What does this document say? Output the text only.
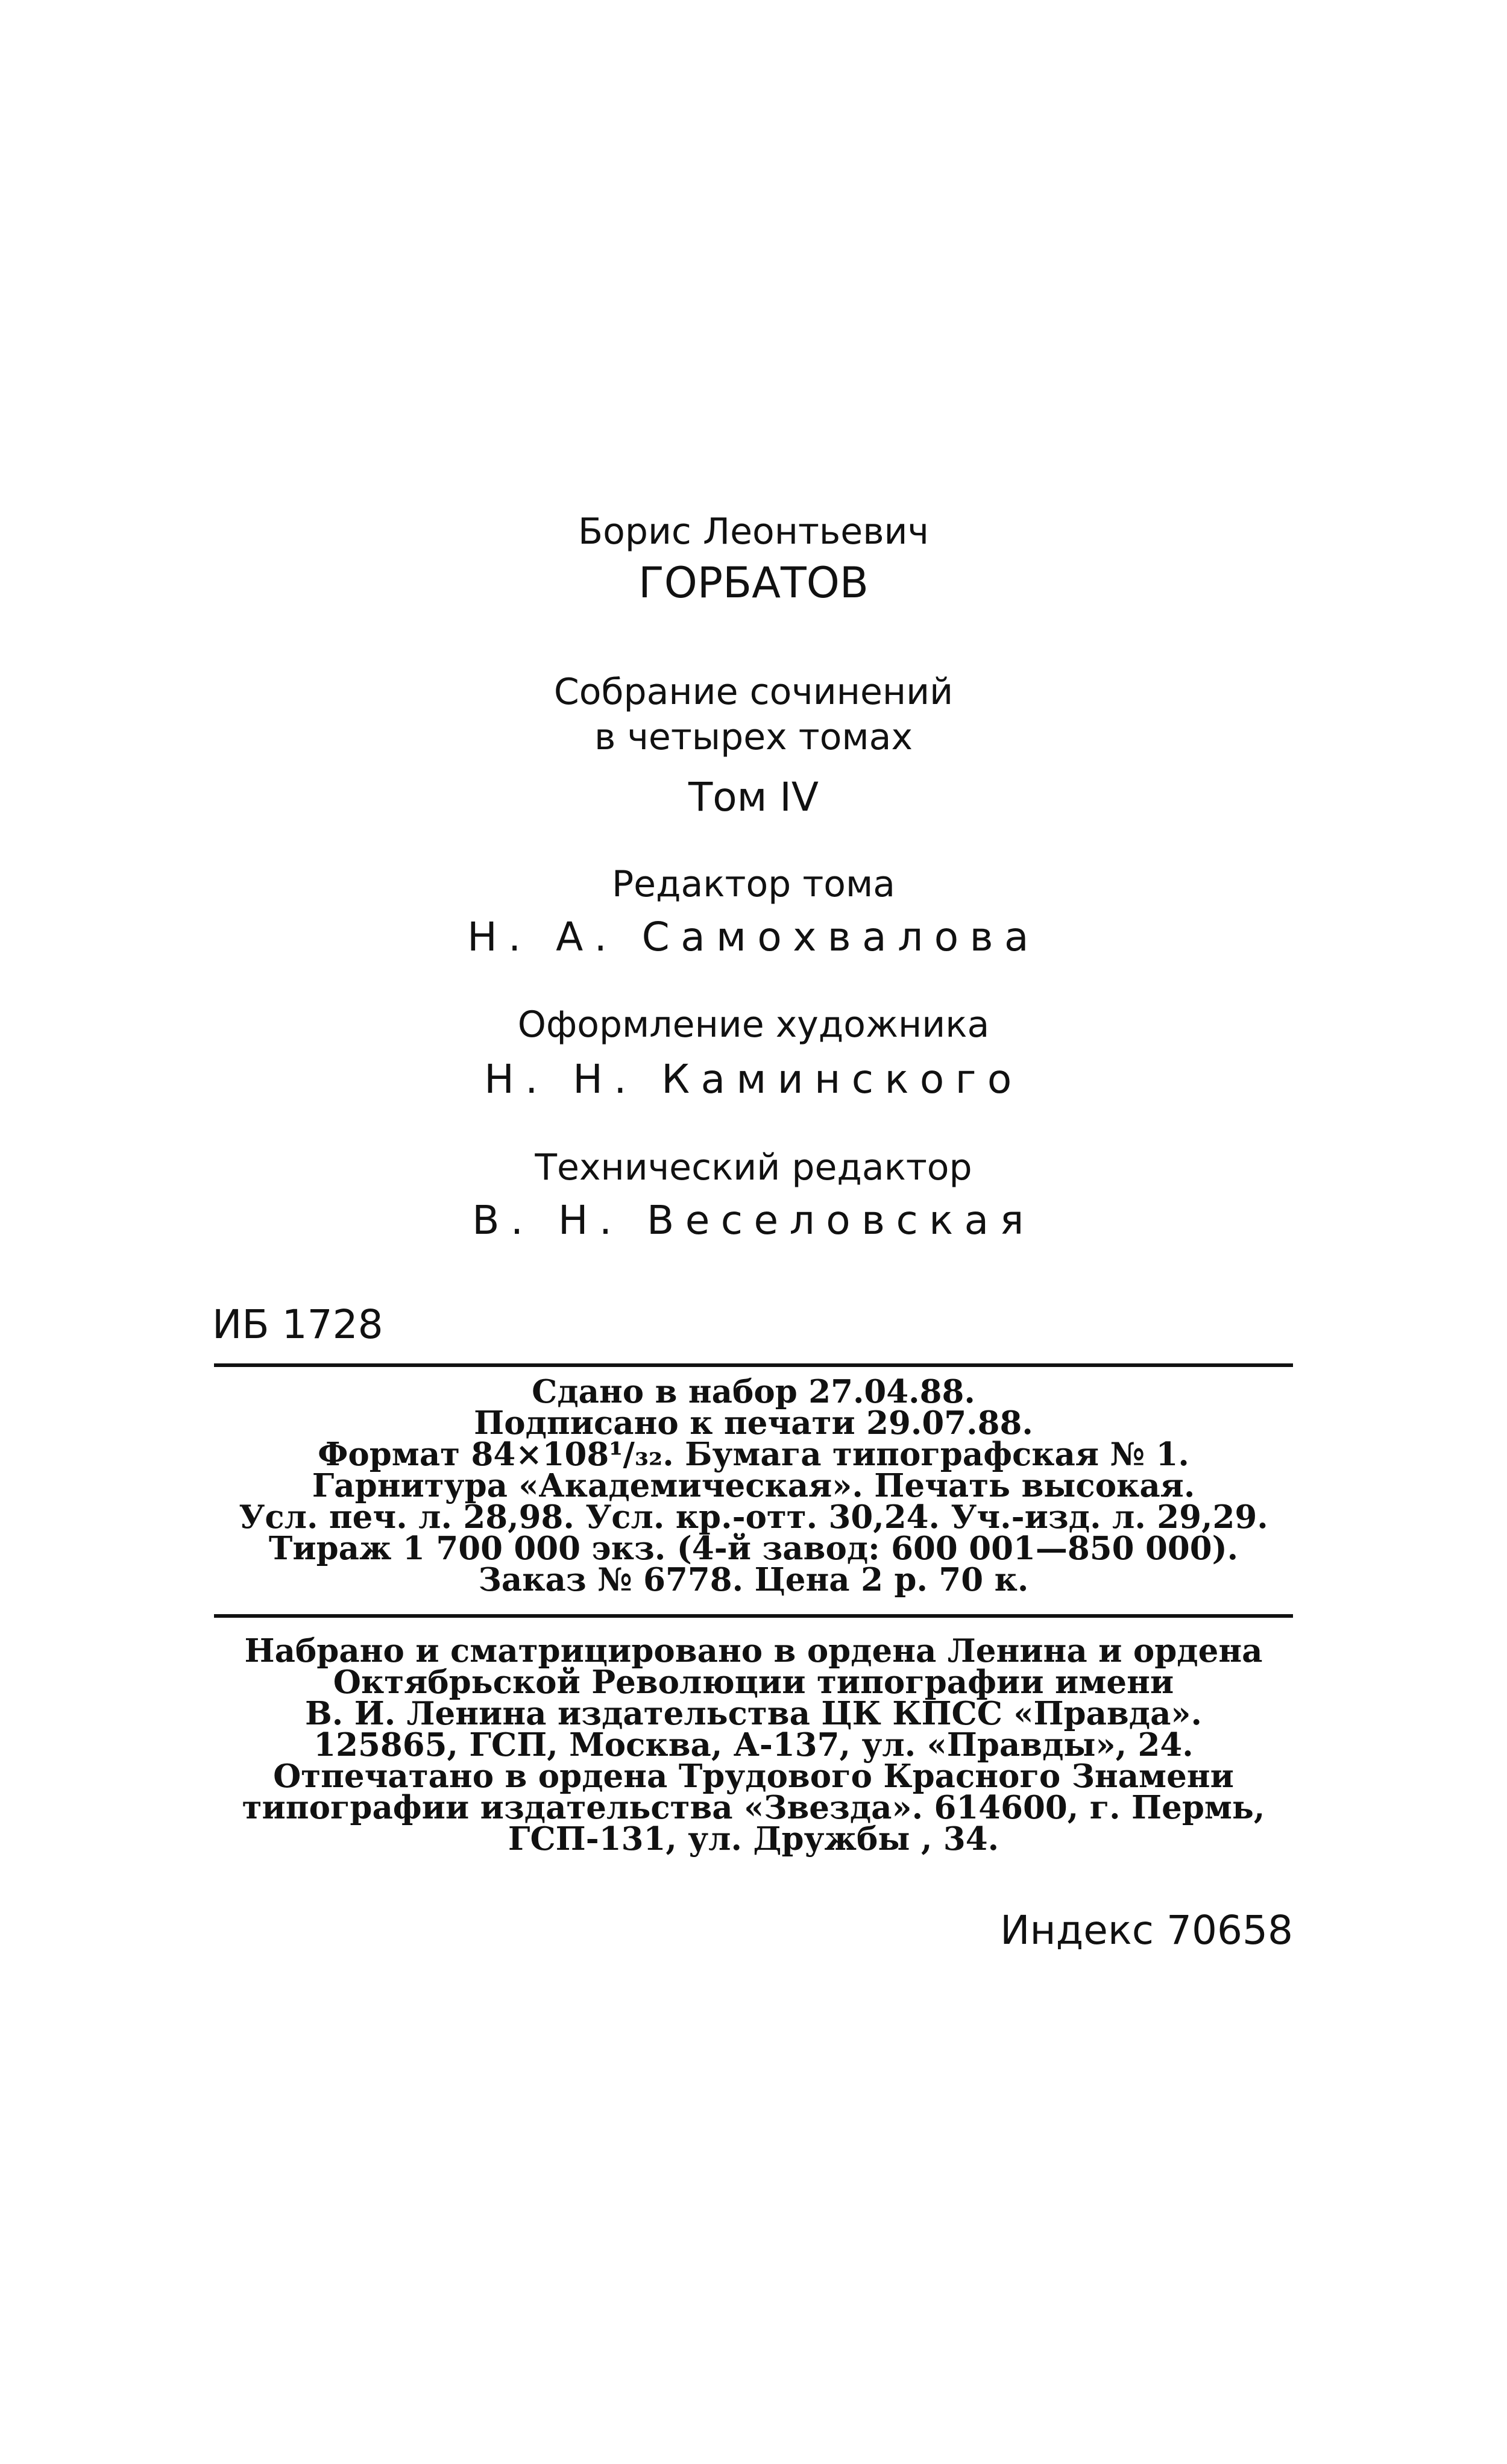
Борис Леонтьевич
ГОРБАТОВ
Собрание сочинений
в четырех томах
Том IV
Редактор тома
Н. А. Самохвалова
Оформление художника
Н. Н. Каминского
Технический редактор
В. Н. Веселовская
ИБ 1728
Сдано в набор 27.04.88.
Подписано к печати 29.07.88.
Формат 84×108¹/₃₂. Бумага типографская № 1.
Гарнитура «Академическая». Печать высокая.
Усл. печ. л. 28,98. Усл. кр.-отт. 30,24. Уч.-изд. л. 29,29.
Тираж 1 700 000 экз. (4-й завод: 600 001—850 000).
Заказ № 6778. Цена 2 р. 70 к.
Набрано и сматрицировано в ордена Ленина и ордена
Октябрьской Революции типографии имени
В. И. Ленина издательства ЦК КПСС «Правда».
125865, ГСП, Москва, А-137, ул. «Правды», 24.
Отпечатано в ордена Трудового Красного Знамени
типографии издательства «Звезда». 614600, г. Пермь,
ГСП-131, ул. Дружбы , 34.
Индекс 70658
